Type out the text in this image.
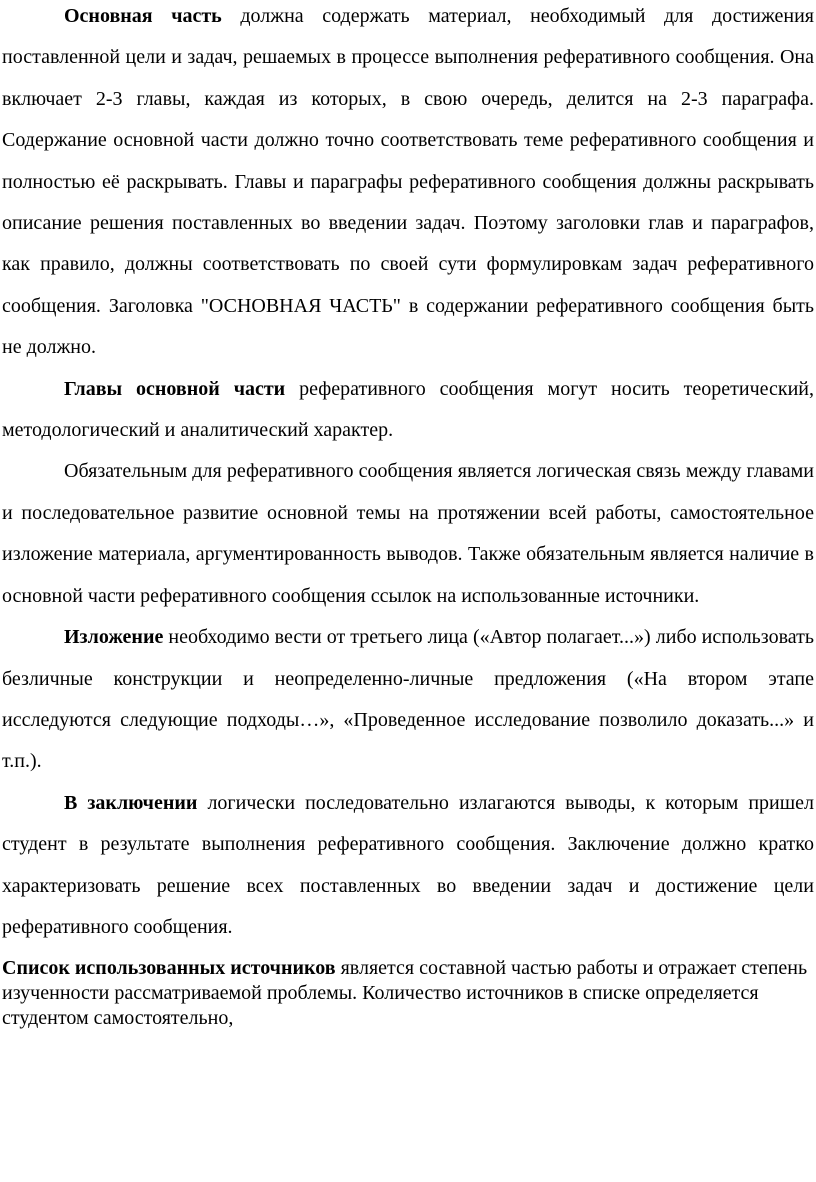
Основная часть должна содержать материал, необходимый для достижения поставленной цели и задач, решаемых в процессе выполнения реферативного сообщения. Она включает 2-3 главы, каждая из которых, в свою очередь, делится на 2-3 параграфа. Содержание основной части должно точно соответствовать теме реферативного сообщения и полностью её раскрывать. Главы и параграфы реферативного сообщения должны раскрывать описание решения поставленных во введении задач. Поэтому заголовки глав и параграфов, как правило, должны соответствовать по своей сути формулировкам задач реферативного сообщения. Заголовка "ОСНОВНАЯ ЧАСТЬ" в содержании реферативного сообщения быть не должно.

Главы основной части реферативного сообщения могут носить теоретический, методологический и аналитический характер.

Обязательным для реферативного сообщения является логическая связь между главами и последовательное развитие основной темы на протяжении всей работы, самостоятельное изложение материала, аргументированность выводов. Также обязательным является наличие в основной части реферативного сообщения ссылок на использованные источники.

Изложение необходимо вести от третьего лица («Автор полагает...») либо использовать безличные конструкции и неопределенно-личные предложения («На втором этапе исследуются следующие подходы…», «Проведенное исследование позволило доказать...» и т.п.).

В заключении логически последовательно излагаются выводы, к которым пришел студент в результате выполнения реферативного сообщения. Заключение должно кратко характеризовать решение всех поставленных во введении задач и достижение цели реферативного сообщения.

Список использованных источников является составной частью работы и отражает степень изученности рассматриваемой проблемы. Количество источников в списке определяется студентом самостоятельно,
